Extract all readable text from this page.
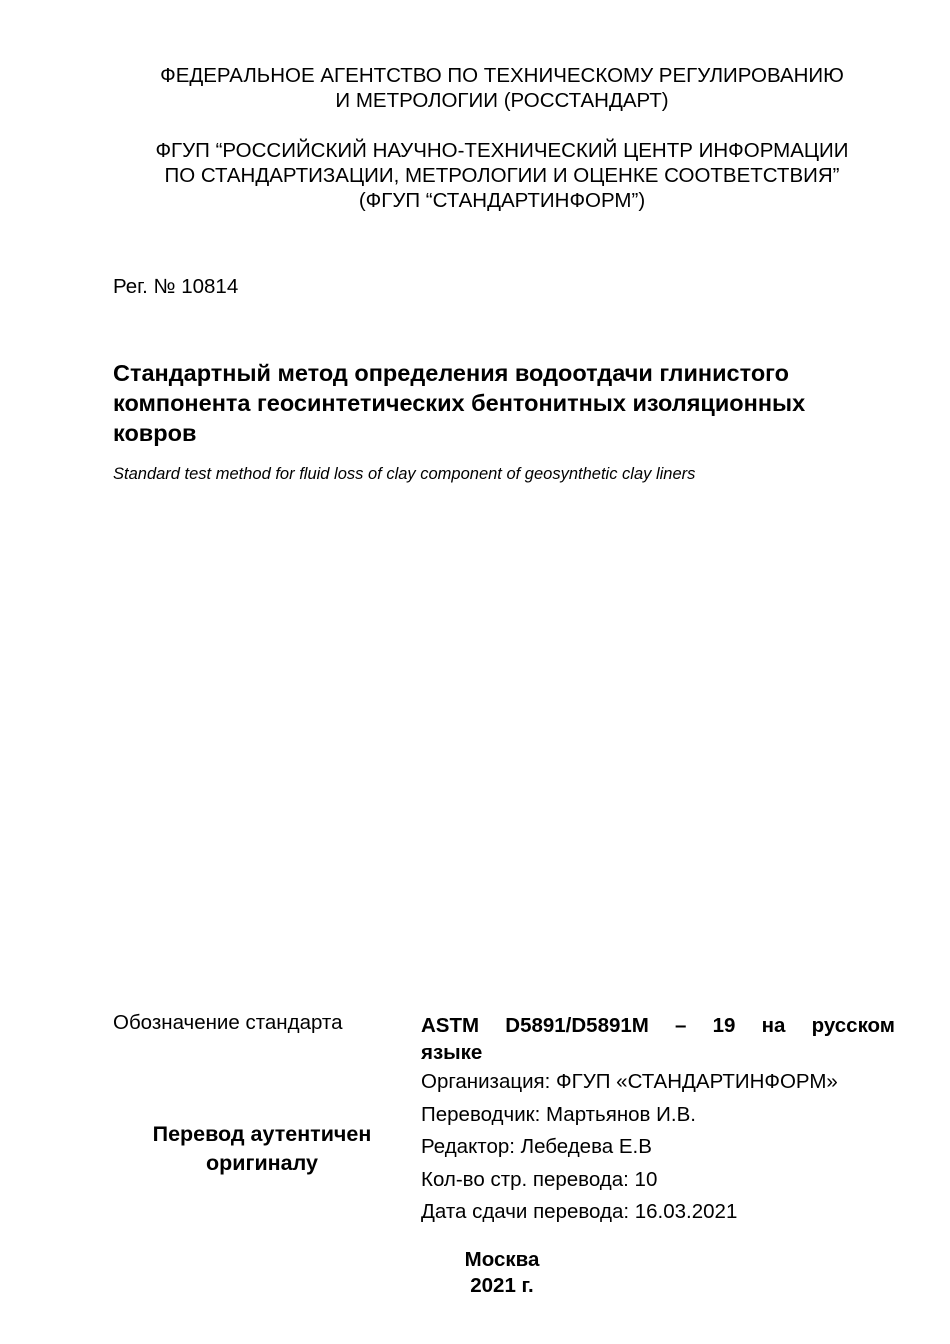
ФЕДЕРАЛЬНОЕ АГЕНТСТВО ПО ТЕХНИЧЕСКОМУ РЕГУЛИРОВАНИЮ
И МЕТРОЛОГИИ (РОССТАНДАРТ)
ФГУП “РОССИЙСКИЙ НАУЧНО-ТЕХНИЧЕСКИЙ ЦЕНТР ИНФОРМАЦИИ
ПО СТАНДАРТИЗАЦИИ, МЕТРОЛОГИИ И ОЦЕНКЕ СООТВЕТСТВИЯ”
(ФГУП “СТАНДАРТИНФОРМ”)
Рег. № 10814
Стандартный метод определения водоотдачи глинистого
компонента геосинтетических бентонитных изоляционных
ковров
Standard test method for fluid loss of clay component of geosynthetic clay liners
Обозначение стандарта	ASTM D5891/D5891M – 19 на русском
языке
Организация: ФГУП «СТАНДАРТИНФОРМ»
Переводчик: Мартьянов И.В.
Редактор: Лебедева Е.В
Кол-во стр. перевода: 10
Дата сдачи перевода: 16.03.2021
Перевод аутентичен
оригиналу
Москва
2021 г.
